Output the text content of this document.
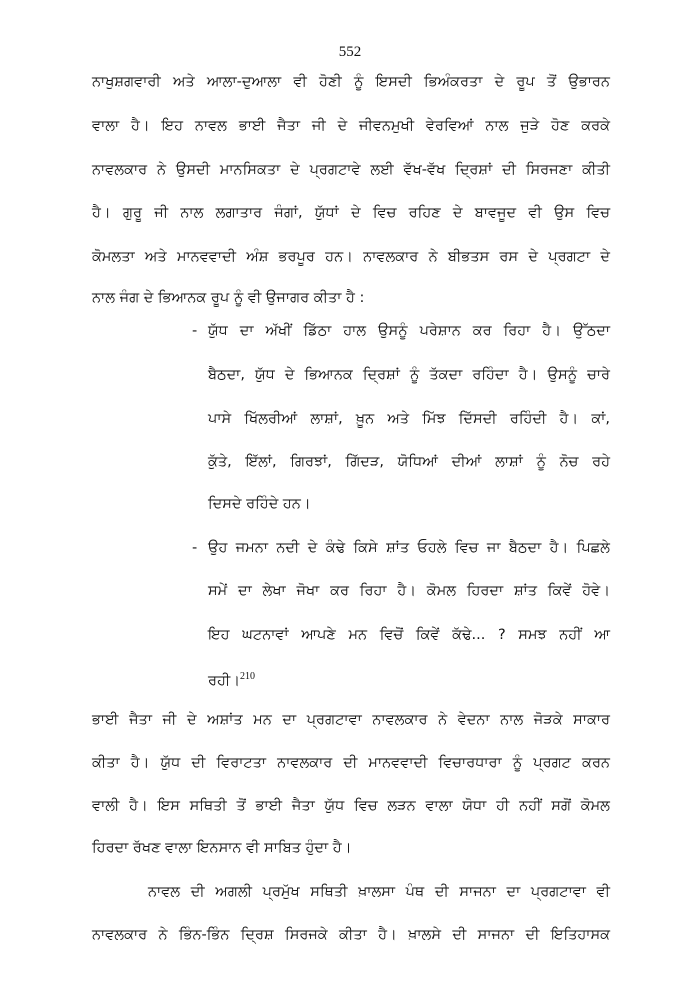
552
ਨਾਖੁਸ਼ਗਵਾਰੀ ਅਤੇ ਆਲਾ-ਦੁਆਲਾ ਵੀ ਹੋਣੀ ਨੂੰ ਇਸਦੀ ਭਿਅੰਕਰਤਾ ਦੇ ਰੂਪ ਤੋਂ ਉਭਾਰਨ
ਵਾਲਾ ਹੈ। ਇਹ ਨਾਵਲ ਭਾਈ ਜੈਤਾ ਜੀ ਦੇ ਜੀਵਨਮੁਖੀ ਵੇਰਵਿਆਂ ਨਾਲ ਜੁੜੇ ਹੋਣ ਕਰਕੇ
ਨਾਵਲਕਾਰ ਨੇ ਉਸਦੀ ਮਾਨਸਿਕਤਾ ਦੇ ਪ੍ਰਗਟਾਵੇ ਲਈ ਵੱਖ-ਵੱਖ ਦ੍ਰਿਸ਼ਾਂ ਦੀ ਸਿਰਜਣਾ ਕੀਤੀ
ਹੈ। ਗੁਰੂ ਜੀ ਨਾਲ ਲਗਾਤਾਰ ਜੰਗਾਂ, ਯੁੱਧਾਂ ਦੇ ਵਿਚ ਰਹਿਣ ਦੇ ਬਾਵਜੂਦ ਵੀ ਉਸ ਵਿਚ
ਕੋਮਲਤਾ ਅਤੇ ਮਾਨਵਵਾਦੀ ਅੰਸ਼ ਭਰਪੂਰ ਹਨ। ਨਾਵਲਕਾਰ ਨੇ ਬੀਭਤਸ ਰਸ ਦੇ ਪ੍ਰਗਟਾ ਦੇ
ਨਾਲ ਜੰਗ ਦੇ ਭਿਆਨਕ ਰੂਪ ਨੂੰ ਵੀ ਉਜਾਗਰ ਕੀਤਾ ਹੈ :
- ਯੁੱਧ ਦਾ ਅੱਖੀਂ ਡਿੱਠਾ ਹਾਲ ਉਸਨੂੰ ਪਰੇਸ਼ਾਨ ਕਰ ਰਿਹਾ ਹੈ। ਉੱਠਦਾ
ਬੈਠਦਾ, ਯੁੱਧ ਦੇ ਭਿਆਨਕ ਦ੍ਰਿਸ਼ਾਂ ਨੂੰ ਤੱਕਦਾ ਰਹਿੰਦਾ ਹੈ। ਉਸਨੂੰ ਚਾਰੇ
ਪਾਸੇ ਖਿੱਲਰੀਆਂ ਲਾਸ਼ਾਂ, ਖ਼ੂਨ ਅਤੇ ਮਿੱਝ ਦਿੱਸਦੀ ਰਹਿੰਦੀ ਹੈ। ਕਾਂ,
ਕੁੱਤੇ, ਇੱਲਾਂ, ਗਿਰਝਾਂ, ਗਿੱਦੜ, ਯੋਧਿਆਂ ਦੀਆਂ ਲਾਸ਼ਾਂ ਨੂੰ ਨੋਚ ਰਹੇ
ਦਿਸਦੇ ਰਹਿੰਦੇ ਹਨ।
- ਉਹ ਜਮਨਾ ਨਦੀ ਦੇ ਕੰਢੇ ਕਿਸੇ ਸ਼ਾਂਤ ਓਹਲੇ ਵਿਚ ਜਾ ਬੈਠਦਾ ਹੈ। ਪਿਛਲੇ
ਸਮੇਂ ਦਾ ਲੇਖਾ ਜੋਖਾ ਕਰ ਰਿਹਾ ਹੈ। ਕੋਮਲ ਹਿਰਦਾ ਸ਼ਾਂਤ ਕਿਵੇਂ ਹੋਵੇ।
ਇਹ ਘਟਨਾਵਾਂ ਆਪਣੇ ਮਨ ਵਿਚੋਂ ਕਿਵੇਂ ਕੱਢੇ... ? ਸਮਝ ਨਹੀਂ ਆ
ਰਹੀ।$^{210}$
ਭਾਈ ਜੈਤਾ ਜੀ ਦੇ ਅਸ਼ਾਂਤ ਮਨ ਦਾ ਪ੍ਰਗਟਾਵਾ ਨਾਵਲਕਾਰ ਨੇ ਵੇਦਨਾ ਨਾਲ ਜੋੜਕੇ ਸਾਕਾਰ
ਕੀਤਾ ਹੈ। ਯੁੱਧ ਦੀ ਵਿਰਾਟਤਾ ਨਾਵਲਕਾਰ ਦੀ ਮਾਨਵਵਾਦੀ ਵਿਚਾਰਧਾਰਾ ਨੂੰ ਪ੍ਰਗਟ ਕਰਨ
ਵਾਲੀ ਹੈ। ਇਸ ਸਥਿਤੀ ਤੋਂ ਭਾਈ ਜੈਤਾ ਯੁੱਧ ਵਿਚ ਲੜਨ ਵਾਲਾ ਯੋਧਾ ਹੀ ਨਹੀਂ ਸਗੋਂ ਕੋਮਲ
ਹਿਰਦਾ ਰੱਖਣ ਵਾਲਾ ਇਨਸਾਨ ਵੀ ਸਾਬਿਤ ਹੁੰਦਾ ਹੈ।
ਨਾਵਲ ਦੀ ਅਗਲੀ ਪ੍ਰਮੁੱਖ ਸਥਿਤੀ ਖ਼ਾਲਸਾ ਪੰਥ ਦੀ ਸਾਜਨਾ ਦਾ ਪ੍ਰਗਟਾਵਾ ਵੀ
ਨਾਵਲਕਾਰ ਨੇ ਭਿੰਨ-ਭਿੰਨ ਦ੍ਰਿਸ਼ ਸਿਰਜਕੇ ਕੀਤਾ ਹੈ। ਖ਼ਾਲਸੇ ਦੀ ਸਾਜਨਾ ਦੀ ਇਤਿਹਾਸਕ
